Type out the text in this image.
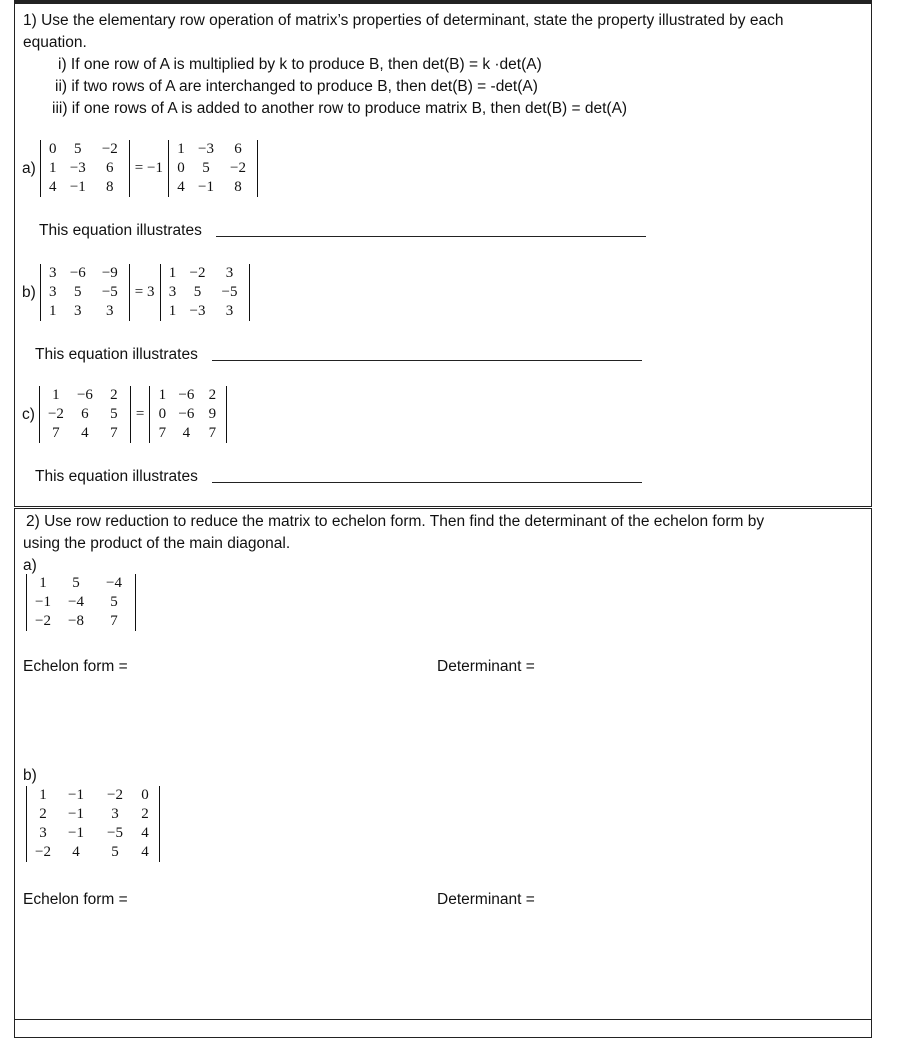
1) Use the elementary row operation of matrix’s properties of determinant, state the property illustrated by each
equation.
i) If one row of A is multiplied by k to produce B, then det(B) = k ·det(A)
ii) if two rows of A are interchanged to produce B, then det(B) = -det(A)
iii) if one rows of A is added to another row to produce matrix B, then det(B) = det(A)
a)
0	5	−2
1 −3	6
4 −1	8
= −1
1 −3	6
0	5	−2
4 −1	8
This equation illustrates
b)
3 −6	−9
3	5	−5
1	3	3
= 3
1 −2	3
3	5	−5
1 −3	3
This equation illustrates
c)
1	−6	2
−2	6	5
7	4	7
=
1 −6 2
0 −6 9
7	4	7
This equation illustrates
2) Use row reduction to reduce the matrix to echelon form. Then find the determinant of the echelon form by
using the product of the main diagonal.
a)
1	5	−4
−1	−4	5
−2	−8	7
Echelon form =	Determinant =
b)
1	−1	−2	0
2	−1	3	2
3	−1	−5	4
−2	4	5	4
Echelon form =	Determinant =
